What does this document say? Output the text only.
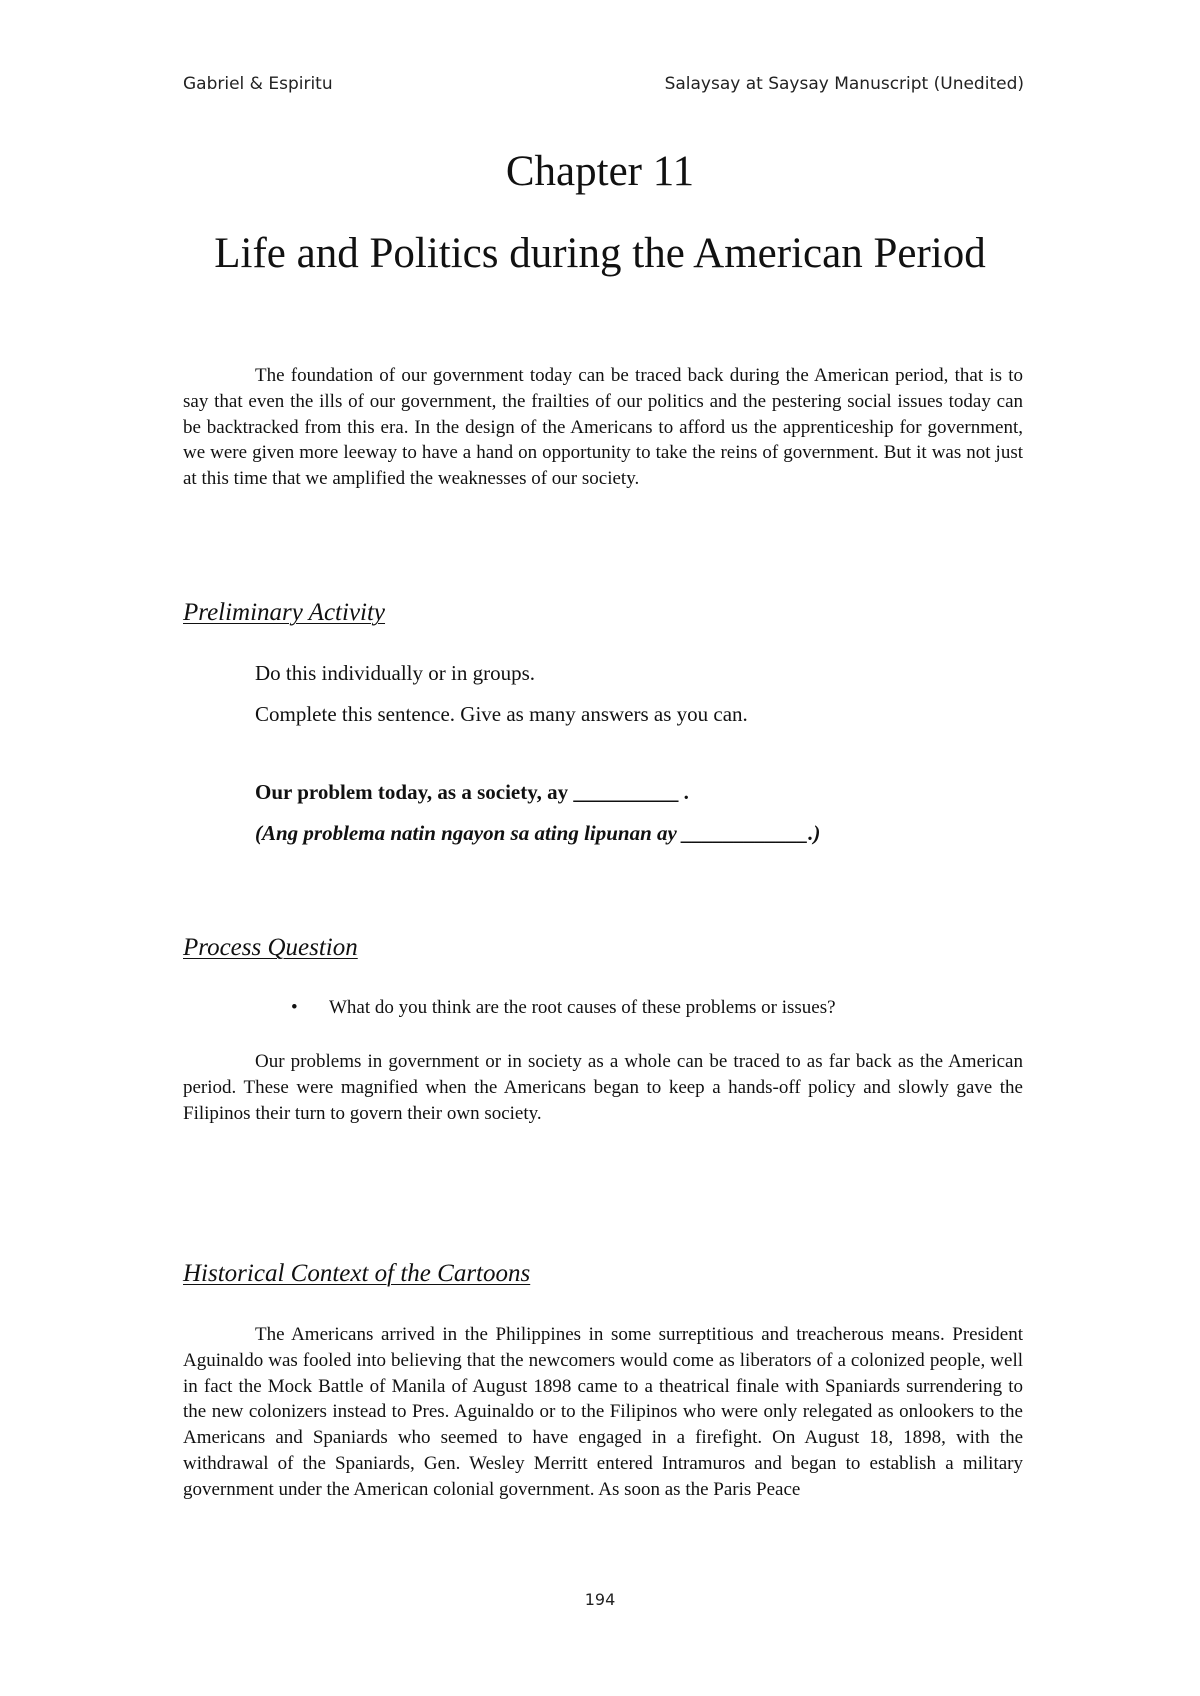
Gabriel & Espiritu	Salaysay at Saysay Manuscript (Unedited)
Chapter 11
Life and Politics during the American Period

The foundation of our government today can be traced back during the American period, that is to say that even the ills of our government, the frailties of our politics and the pestering social issues today can be backtracked from this era. In the design of the Americans to afford us the apprenticeship for government, we were given more leeway to have a hand on opportunity to take the reins of government. But it was not just at this time that we amplified the weaknesses of our society.

Preliminary Activity
Do this individually or in groups.
Complete this sentence. Give as many answers as you can.
Our problem today, as a society, ay __________ .
(Ang problema natin ngayon sa ating lipunan ay ____________.)
Process Question
• What do you think are the root causes of these problems or issues?

Our problems in government or in society as a whole can be traced to as far back as the American period. These were magnified when the Americans began to keep a hands-off policy and slowly gave the Filipinos their turn to govern their own society.

Historical Context of the Cartoons

The Americans arrived in the Philippines in some surreptitious and treacherous means. President Aguinaldo was fooled into believing that the newcomers would come as liberators of a colonized people, well in fact the Mock Battle of Manila of August 1898 came to a theatrical finale with Spaniards surrendering to the new colonizers instead to Pres. Aguinaldo or to the Filipinos who were only relegated as onlookers to the Americans and Spaniards who seemed to have engaged in a firefight. On August 18, 1898, with the withdrawal of the Spaniards, Gen. Wesley Merritt entered Intramuros and began to establish a military government under the American colonial government. As soon as the Paris Peace

194
